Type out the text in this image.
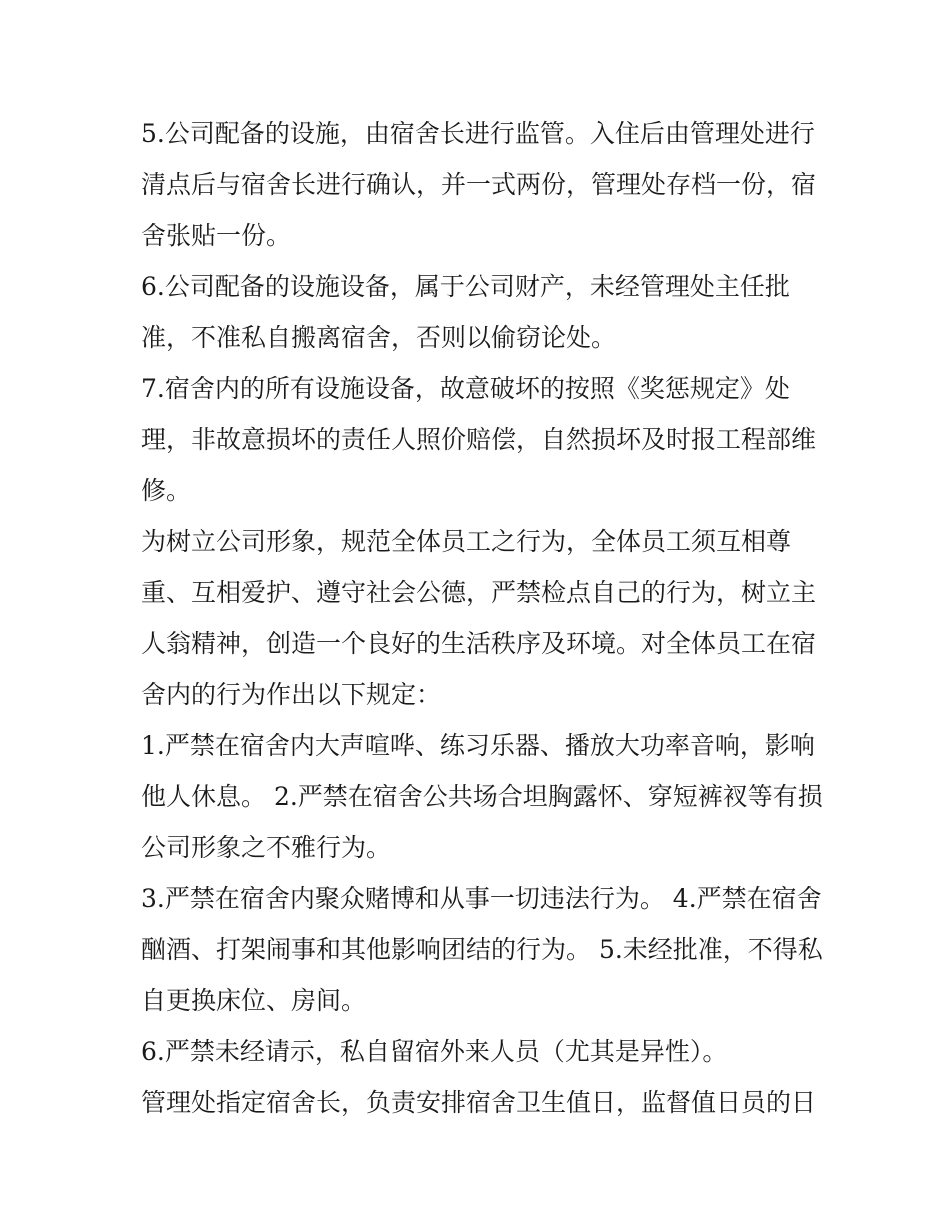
5.公司配备的设施，由宿舍长进行监管。入住后由管理处进行
清点后与宿舍长进行确认，并一式两份，管理处存档一份，宿
舍张贴一份。
6.公司配备的设施设备，属于公司财产，未经管理处主任批
准，不准私自搬离宿舍，否则以偷窃论处。
7.宿舍内的所有设施设备，故意破坏的按照《奖惩规定》处
理，非故意损坏的责任人照价赔偿，自然损坏及时报工程部维
修。
为树立公司形象，规范全体员工之行为，全体员工须互相尊
重、互相爱护、遵守社会公德，严禁检点自己的行为，树立主
人翁精神，创造一个良好的生活秩序及环境。对全体员工在宿
舍内的行为作出以下规定：
1.严禁在宿舍内大声喧哗、练习乐器、播放大功率音响，影响
他人休息。 2.严禁在宿舍公共场合坦胸露怀、穿短裤衩等有损
公司形象之不雅行为。
3.严禁在宿舍内聚众赌博和从事一切违法行为。 4.严禁在宿舍
酗酒、打架闹事和其他影响团结的行为。 5.未经批准，不得私
自更换床位、房间。
6.严禁未经请示，私自留宿外来人员（尤其是异性）。
管理处指定宿舍长，负责安排宿舍卫生值日，监督值日员的日
